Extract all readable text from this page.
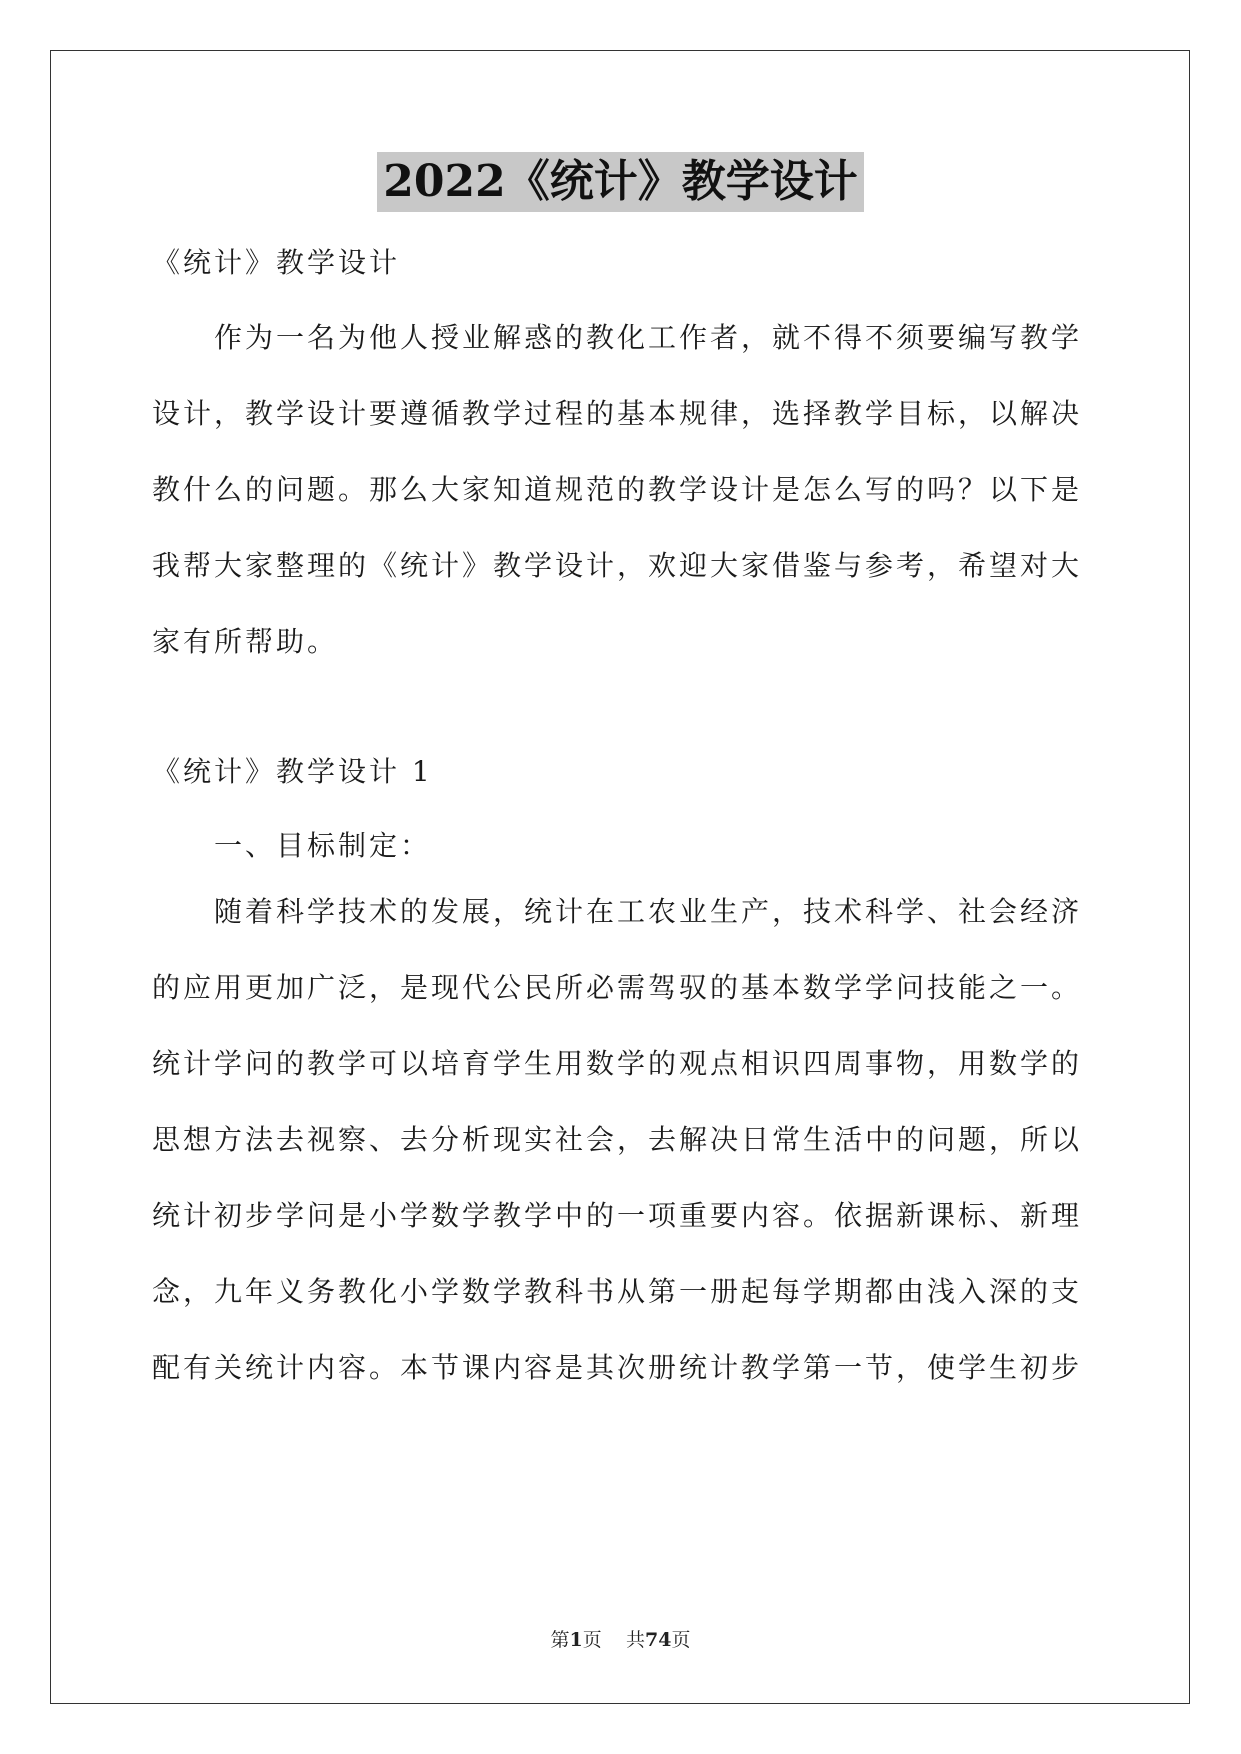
2022《统计》教学设计

《统计》教学设计

作为一名为他人授业解惑的教化工作者，就不得不须要编写教学设计，教学设计要遵循教学过程的基本规律，选择教学目标，以解决教什么的问题。那么大家知道规范的教学设计是怎么写的吗？以下是我帮大家整理的《统计》教学设计，欢迎大家借鉴与参考，希望对大家有所帮助。

《统计》教学设计 1

一、目标制定：

随着科学技术的发展，统计在工农业生产，技术科学、社会经济的应用更加广泛，是现代公民所必需驾驭的基本数学学问技能之一。统计学问的教学可以培育学生用数学的观点相识四周事物，用数学的思想方法去视察、去分析现实社会，去解决日常生活中的问题，所以统计初步学问是小学数学教学中的一项重要内容。依据新课标、新理念，九年义务教化小学数学教科书从第一册起每学期都由浅入深的支配有关统计内容。本节课内容是其次册统计教学第一节，使学生初步

第1页 共74页
